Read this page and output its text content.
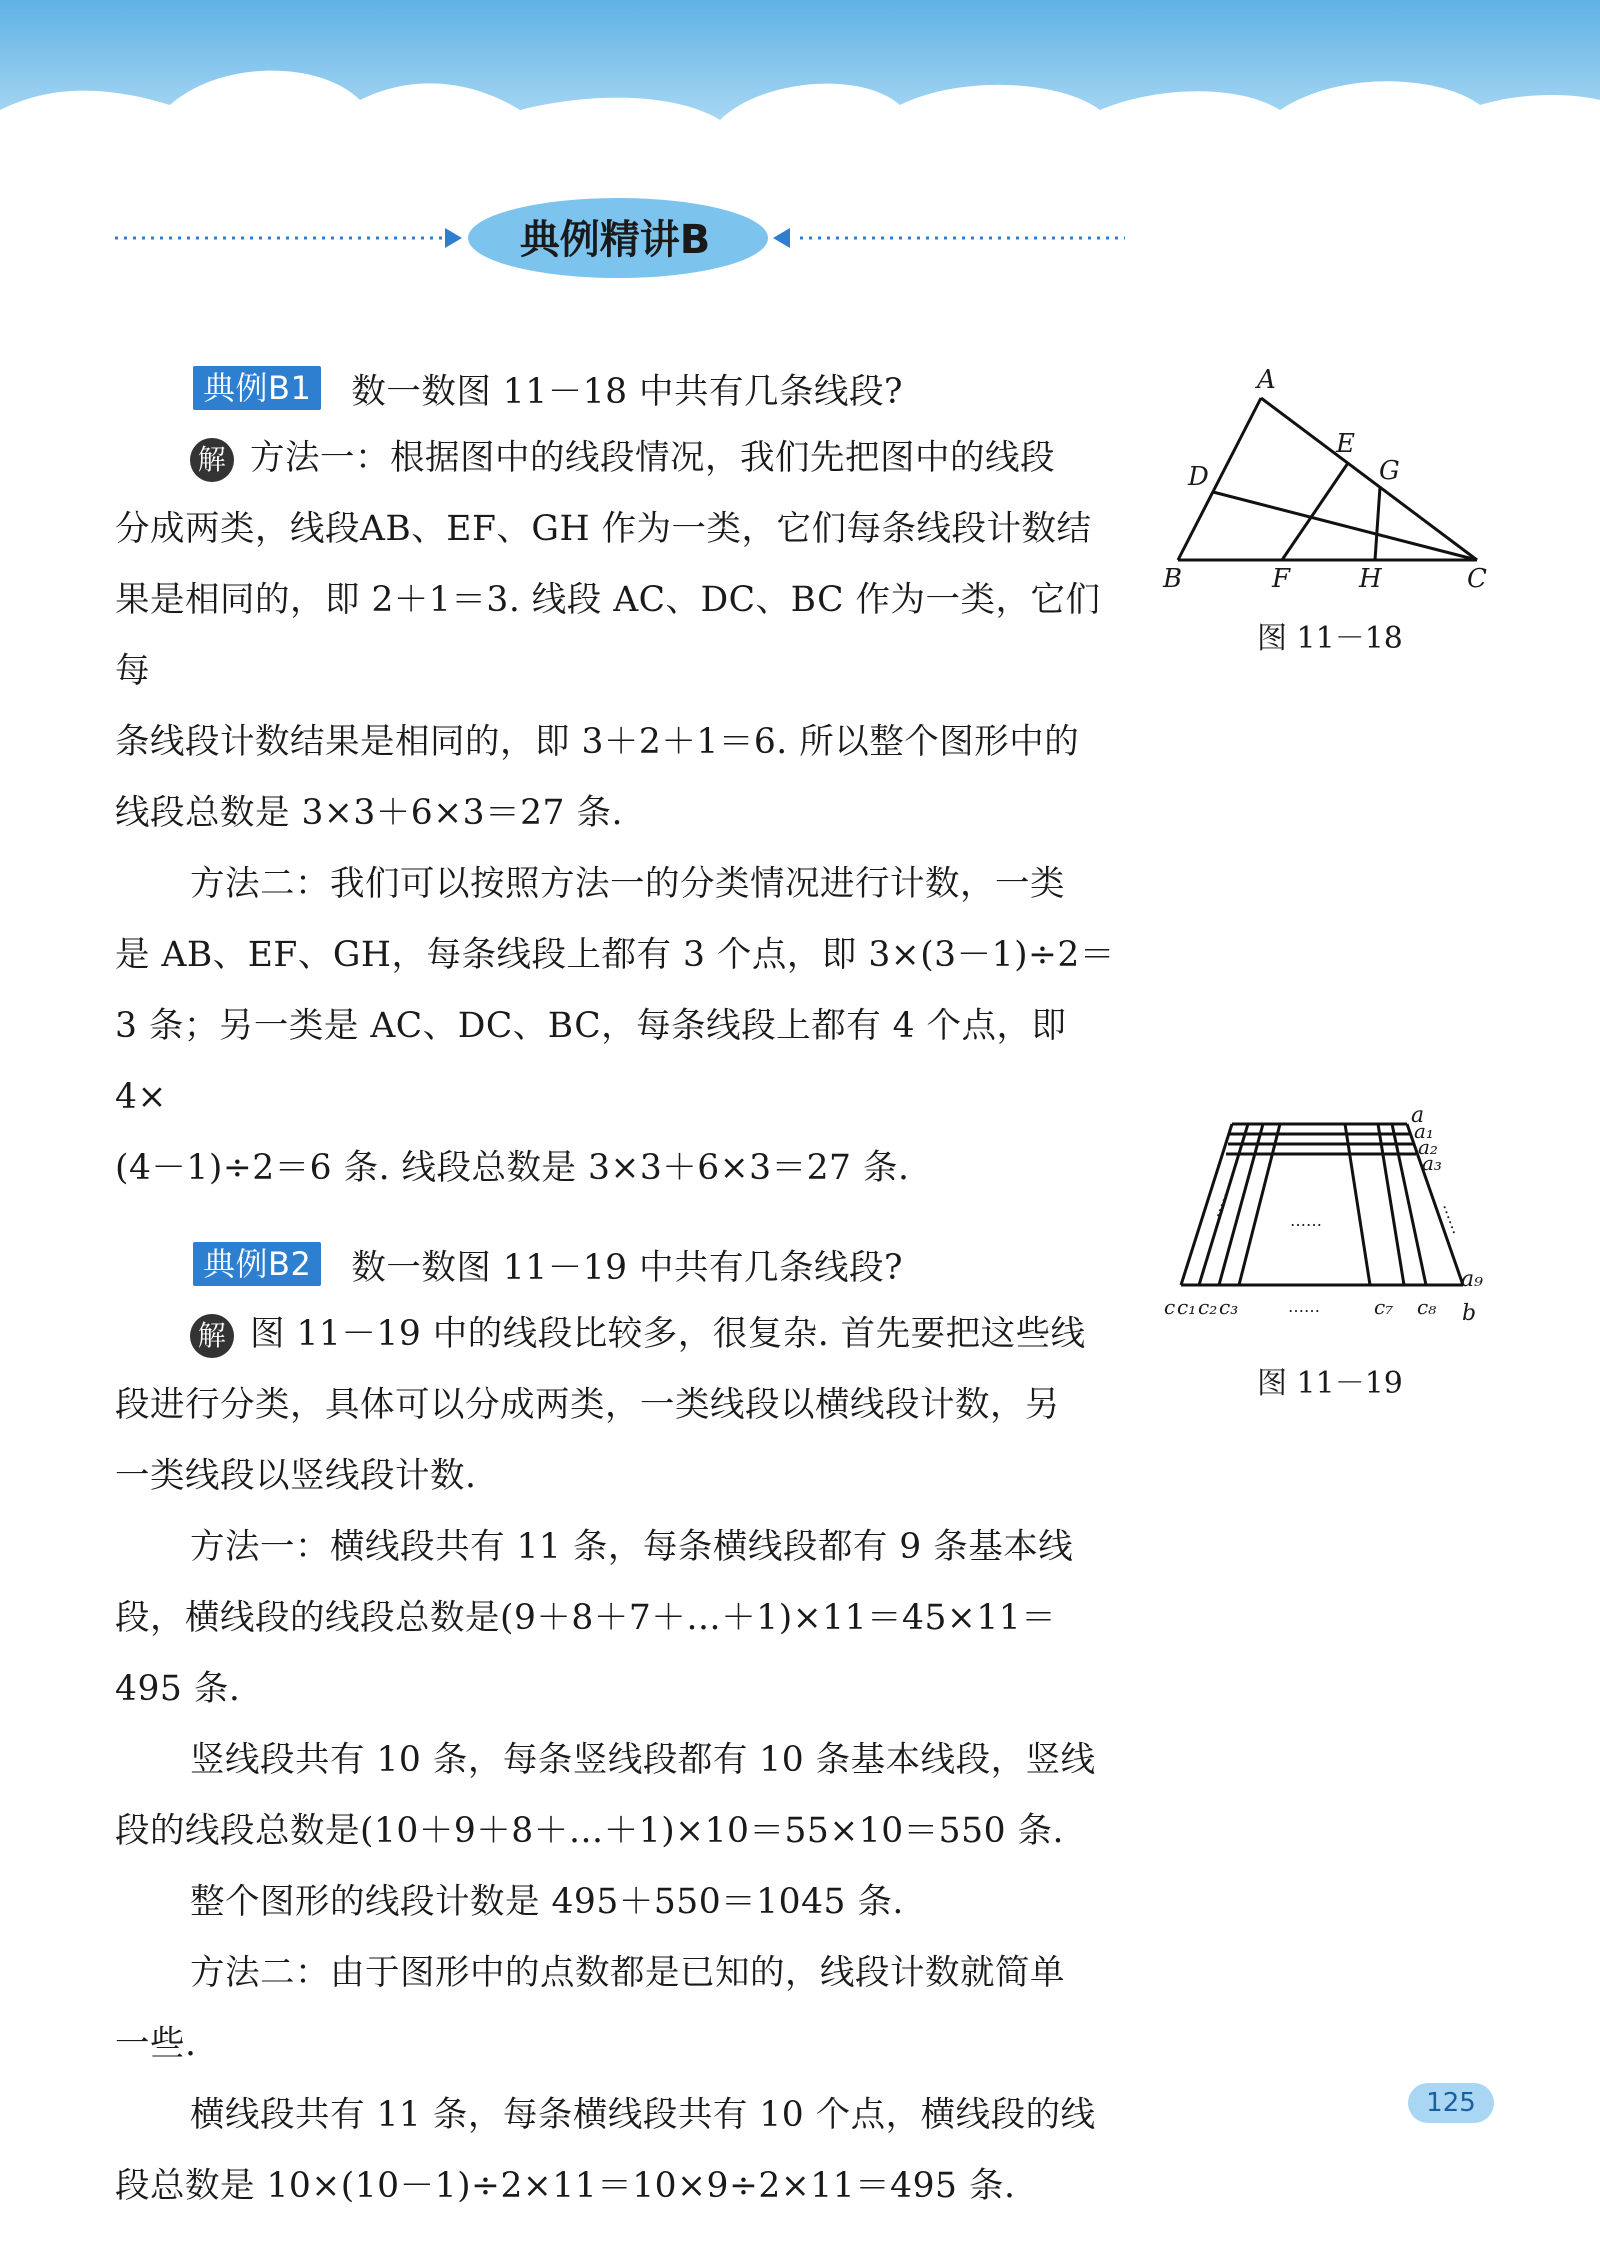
典例精讲B
典例B1 数一数图 11－18 中共有几条线段?

解 方法一：根据图中的线段情况，我们先把图中的线段

分成两类，线段AB、EF、GH 作为一类，它们每条线段计数结

果是相同的，即 2＋1＝3. 线段 AC、DC、BC 作为一类，它们每

条线段计数结果是相同的，即 3＋2＋1＝6. 所以整个图形中的

线段总数是 3×3＋6×3＝27 条.

方法二：我们可以按照方法一的分类情况进行计数，一类

是 AB、EF、GH，每条线段上都有 3 个点，即 3×(3－1)÷2＝

3 条；另一类是 AC、DC、BC，每条线段上都有 4 个点，即 4×

(4－1)÷2＝6 条. 线段总数是 3×3＋6×3＝27 条.

典例B2 数一数图 11－19 中共有几条线段?

解 图 11－19 中的线段比较多，很复杂. 首先要把这些线

段进行分类，具体可以分成两类，一类线段以横线段计数，另

一类线段以竖线段计数.

方法一：横线段共有 11 条，每条横线段都有 9 条基本线

段，横线段的线段总数是(9＋8＋7＋…＋1)×11＝45×11＝

495 条.

竖线段共有 10 条，每条竖线段都有 10 条基本线段，竖线

段的线段总数是(10＋9＋8＋…＋1)×10＝55×10＝550 条.

整个图形的线段计数是 495＋550＝1045 条.

方法二：由于图形中的点数都是已知的，线段计数就简单

一些.

横线段共有 11 条，每条横线段共有 10 个点，横线段的线

段总数是 10×(10－1)÷2×11＝10×9÷2×11＝495 条.

A
E
G
D
B	F	H	C
图 11－18
……
……	……
a
a₁
a₂
a₃
a₉
c c₁ c₂ c₃	……	c₇ c₈ b
图 11－19
125
